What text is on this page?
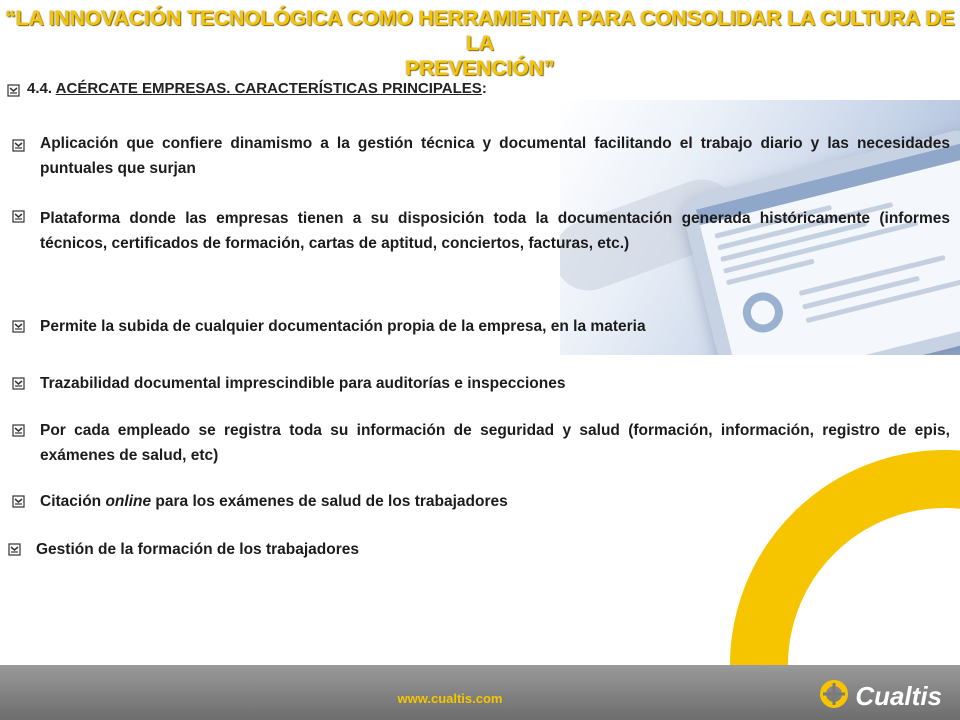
“LA INNOVACIÓN TECNOLÓGICA COMO HERRAMIENTA PARA CONSOLIDAR LA CULTURA DE LA
PREVENCIÓN”
4.4. ACÉRCATE EMPRESAS. CARACTERÍSTICAS PRINCIPALES:
Aplicación que confiere dinamismo a la gestión técnica y documental facilitando el trabajo diario y las necesidades puntuales que surjan
Plataforma donde las empresas tienen a su disposición toda la documentación generada históricamente (informes técnicos, certificados de formación, cartas de aptitud, conciertos, facturas, etc.)
Permite la subida de cualquier documentación propia de la empresa, en la materia
Trazabilidad documental imprescindible para auditorías e inspecciones
Por cada empleado se registra toda su información de seguridad y salud (formación, información, registro de epis, exámenes de salud, etc)
Citación online para los exámenes de salud de los trabajadores
Gestión de la formación de los trabajadores
www.cualtis.com	Cualtis
